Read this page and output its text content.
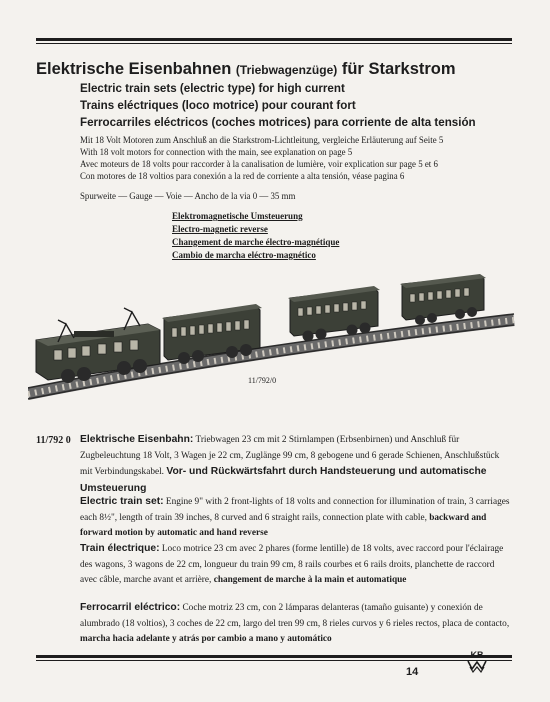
Elektrische Eisenbahnen (Triebwagenzüge) für Starkstrom
Electric train sets (electric type) for high current
Trains eléctriques (loco motrice) pour courant fort
Ferrocarriles eléctricos (coches motrices) para corriente de alta tensión
Mit 18 Volt Motoren zum Anschluß an die Starkstrom-Lichtleitung, vergleiche Erläuterung auf Seite 5
With 18 volt motors for connection with the main, see explanation on page 5
Avec moteurs de 18 volts pour raccorder à la canalisation de lumière, voir explication sur page 5 et 6
Con motores de 18 voltios para conexión a la red de corriente a alta tensión, véase pagina 6
Spurweite — Gauge — Voie — Ancho de la via 0 — 35 mm
Elektromagnetische Umsteuerung
Electro-magnetic reverse
Changement de marche électro-magnétique
Cambio de marcha eléctro-magnético
11/792/0
11/792 0 Elektrische Eisenbahn: Triebwagen 23 cm mit 2 Stirnlampen (Erbsenbirnen) und Anschluß für Zugbeleuchtung 18 Volt, 3 Wagen je 22 cm, Zuglänge 99 cm, 8 gebogene und 6 gerade Schienen, Anschlußstück mit Verbindungskabel. Vor- und Rückwärtsfahrt durch Handsteuerung und automatische Umsteuerung
Electric train set: Engine 9" with 2 front-lights of 18 volts and connection for illumination of train, 3 carriages each 8½", length of train 39 inches, 8 curved and 6 straight rails, connection plate with cable, backward and forward motion by automatic and hand reverse
Train électrique: Loco motrice 23 cm avec 2 phares (forme lentille) de 18 volts, avec raccord pour l'éclairage des wagons, 3 wagons de 22 cm, longueur du train 99 cm, 8 rails courbes et 6 rails droits, planchette de raccord avec câble, marche avant et arrière, changement de marche à la main et automatique
Ferrocarril eléctrico: Coche motriz 23 cm, con 2 lámparas delanteras (tamaño guisante) y conexión de alumbrado (18 voltios), 3 coches de 22 cm, largo del tren 99 cm, 8 rieles curvos y 6 rieles rectos, placa de contacto, marcha hacia adelante y atrás por cambio a mano y automático
14
KB
